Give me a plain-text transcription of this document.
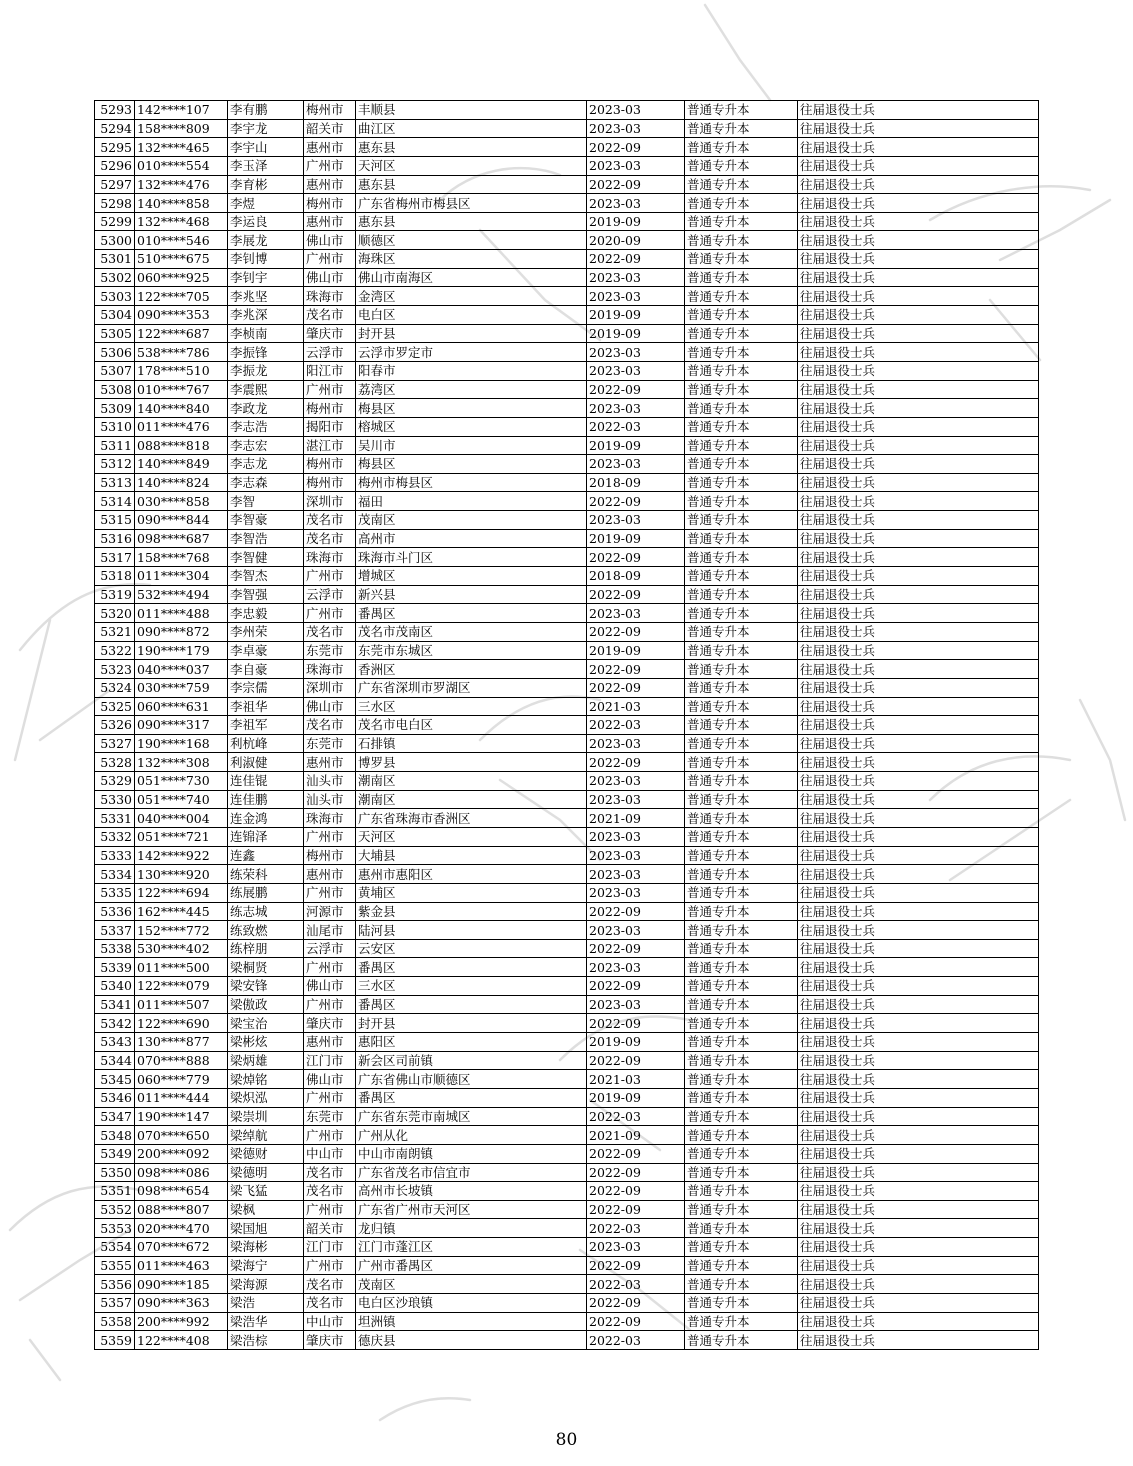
5293	142****107	李有鹏	梅州市	丰顺县	2023-03	普通专升本	往届退役士兵
5294	158****809	李宇龙	韶关市	曲江区	2023-03	普通专升本	往届退役士兵
5295	132****465	李宇山	惠州市	惠东县	2022-09	普通专升本	往届退役士兵
5296	010****554	李玉泽	广州市	天河区	2023-03	普通专升本	往届退役士兵
5297	132****476	李育彬	惠州市	惠东县	2022-09	普通专升本	往届退役士兵
5298	140****858	李煜	梅州市	广东省梅州市梅县区	2023-03	普通专升本	往届退役士兵
5299	132****468	李运良	惠州市	惠东县	2019-09	普通专升本	往届退役士兵
5300	010****546	李展龙	佛山市	顺德区	2020-09	普通专升本	往届退役士兵
5301	510****675	李钊博	广州市	海珠区	2022-09	普通专升本	往届退役士兵
5302	060****925	李钊宇	佛山市	佛山市南海区	2023-03	普通专升本	往届退役士兵
5303	122****705	李兆坚	珠海市	金湾区	2023-03	普通专升本	往届退役士兵
5304	090****353	李兆深	茂名市	电白区	2019-09	普通专升本	往届退役士兵
5305	122****687	李桢南	肇庆市	封开县	2019-09	普通专升本	往届退役士兵
5306	538****786	李振锋	云浮市	云浮市罗定市	2023-03	普通专升本	往届退役士兵
5307	178****510	李振龙	阳江市	阳春市	2023-03	普通专升本	往届退役士兵
5308	010****767	李震熙	广州市	荔湾区	2022-09	普通专升本	往届退役士兵
5309	140****840	李政龙	梅州市	梅县区	2023-03	普通专升本	往届退役士兵
5310	011****476	李志浩	揭阳市	榕城区	2022-03	普通专升本	往届退役士兵
5311	088****818	李志宏	湛江市	吴川市	2019-09	普通专升本	往届退役士兵
5312	140****849	李志龙	梅州市	梅县区	2023-03	普通专升本	往届退役士兵
5313	140****824	李志森	梅州市	梅州市梅县区	2018-09	普通专升本	往届退役士兵
5314	030****858	李智	深圳市	福田	2022-09	普通专升本	往届退役士兵
5315	090****844	李智豪	茂名市	茂南区	2023-03	普通专升本	往届退役士兵
5316	098****687	李智浩	茂名市	高州市	2019-09	普通专升本	往届退役士兵
5317	158****768	李智健	珠海市	珠海市斗门区	2022-09	普通专升本	往届退役士兵
5318	011****304	李智杰	广州市	增城区	2018-09	普通专升本	往届退役士兵
5319	532****494	李智强	云浮市	新兴县	2022-09	普通专升本	往届退役士兵
5320	011****488	李忠毅	广州市	番禺区	2023-03	普通专升本	往届退役士兵
5321	090****872	李州荣	茂名市	茂名市茂南区	2022-09	普通专升本	往届退役士兵
5322	190****179	李卓豪	东莞市	东莞市东城区	2019-09	普通专升本	往届退役士兵
5323	040****037	李自豪	珠海市	香洲区	2022-09	普通专升本	往届退役士兵
5324	030****759	李宗儒	深圳市	广东省深圳市罗湖区	2022-09	普通专升本	往届退役士兵
5325	060****631	李祖华	佛山市	三水区	2021-03	普通专升本	往届退役士兵
5326	090****317	李祖军	茂名市	茂名市电白区	2022-03	普通专升本	往届退役士兵
5327	190****168	利杭峰	东莞市	石排镇	2023-03	普通专升本	往届退役士兵
5328	132****308	利淑健	惠州市	博罗县	2022-09	普通专升本	往届退役士兵
5329	051****730	连佳锟	汕头市	潮南区	2023-03	普通专升本	往届退役士兵
5330	051****740	连佳鹏	汕头市	潮南区	2023-03	普通专升本	往届退役士兵
5331	040****004	连金鸿	珠海市	广东省珠海市香洲区	2021-09	普通专升本	往届退役士兵
5332	051****721	连锦泽	广州市	天河区	2023-03	普通专升本	往届退役士兵
5333	142****922	连鑫	梅州市	大埔县	2023-03	普通专升本	往届退役士兵
5334	130****920	练荣科	惠州市	惠州市惠阳区	2023-03	普通专升本	往届退役士兵
5335	122****694	练展鹏	广州市	黄埔区	2023-03	普通专升本	往届退役士兵
5336	162****445	练志城	河源市	紫金县	2022-09	普通专升本	往届退役士兵
5337	152****772	练致燃	汕尾市	陆河县	2023-03	普通专升本	往届退役士兵
5338	530****402	练梓朋	云浮市	云安区	2022-09	普通专升本	往届退役士兵
5339	011****500	梁桐贤	广州市	番禺区	2023-03	普通专升本	往届退役士兵
5340	122****079	梁安锋	佛山市	三水区	2022-09	普通专升本	往届退役士兵
5341	011****507	梁傲政	广州市	番禺区	2023-03	普通专升本	往届退役士兵
5342	122****690	梁宝治	肇庆市	封开县	2022-09	普通专升本	往届退役士兵
5343	130****877	梁彬炫	惠州市	惠阳区	2019-09	普通专升本	往届退役士兵
5344	070****888	梁炳雄	江门市	新会区司前镇	2022-09	普通专升本	往届退役士兵
5345	060****779	梁焯铭	佛山市	广东省佛山市顺德区	2021-03	普通专升本	往届退役士兵
5346	011****444	梁炽泓	广州市	番禺区	2019-09	普通专升本	往届退役士兵
5347	190****147	梁崇圳	东莞市	广东省东莞市南城区	2022-03	普通专升本	往届退役士兵
5348	070****650	梁绰航	广州市	广州从化	2021-09	普通专升本	往届退役士兵
5349	200****092	梁德财	中山市	中山市南朗镇	2022-09	普通专升本	往届退役士兵
5350	098****086	梁德明	茂名市	广东省茂名市信宜市	2022-09	普通专升本	往届退役士兵
5351	098****654	梁飞猛	茂名市	高州市长坡镇	2022-09	普通专升本	往届退役士兵
5352	088****807	梁枫	广州市	广东省广州市天河区	2022-09	普通专升本	往届退役士兵
5353	020****470	梁国旭	韶关市	龙归镇	2022-03	普通专升本	往届退役士兵
5354	070****672	梁海彬	江门市	江门市蓬江区	2023-03	普通专升本	往届退役士兵
5355	011****463	梁海宁	广州市	广州市番禺区	2022-09	普通专升本	往届退役士兵
5356	090****185	梁海源	茂名市	茂南区	2022-03	普通专升本	往届退役士兵
5357	090****363	梁浩	茂名市	电白区沙琅镇	2022-09	普通专升本	往届退役士兵
5358	200****992	梁浩华	中山市	坦洲镇	2022-09	普通专升本	往届退役士兵
5359	122****408	梁浩棕	肇庆市	德庆县	2022-03	普通专升本	往届退役士兵
80
